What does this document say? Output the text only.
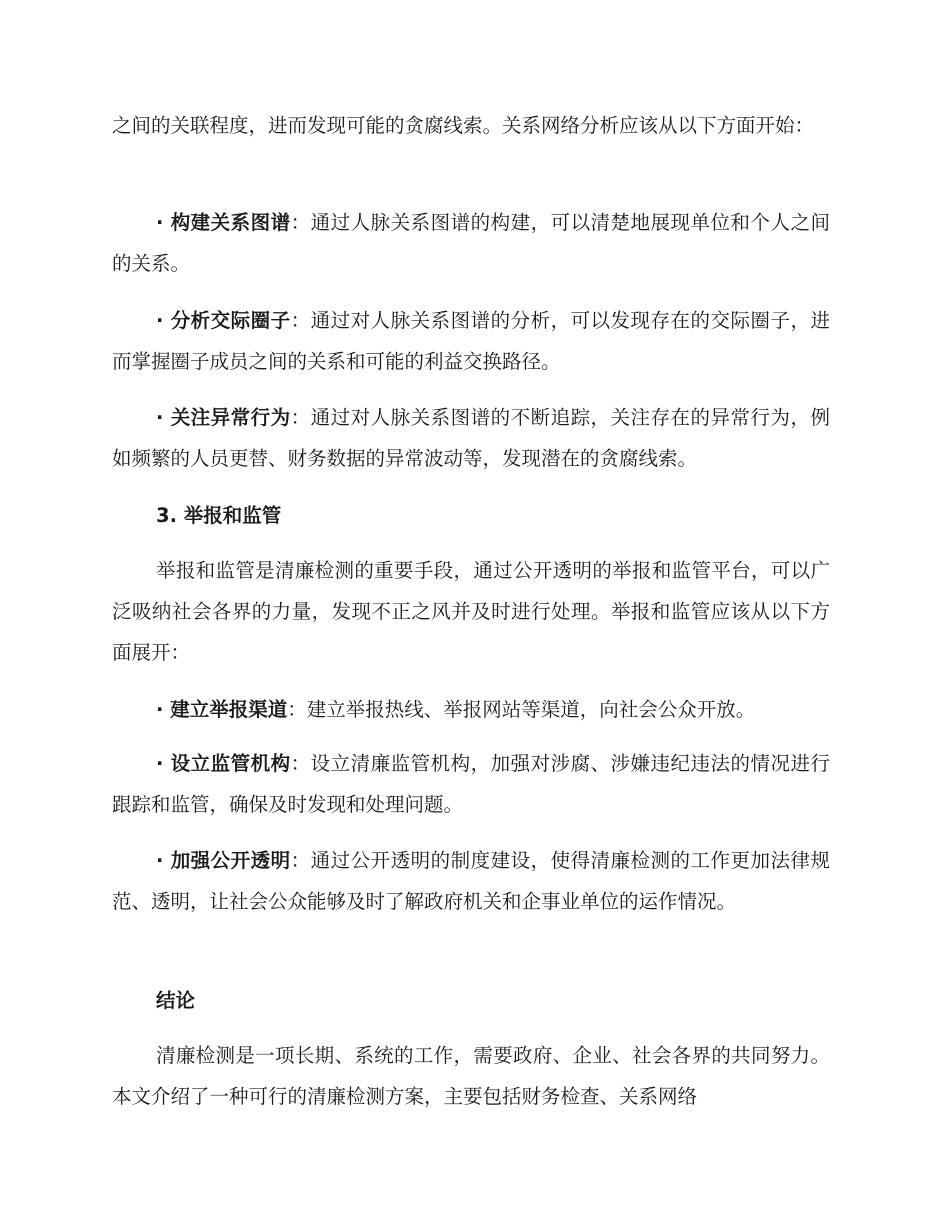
之间的关联程度，进而发现可能的贪腐线索。关系网络分析应该从以下方面开始：

· 构建关系图谱：通过人脉关系图谱的构建，可以清楚地展现单位和个人之间的关系。

· 分析交际圈子：通过对人脉关系图谱的分析，可以发现存在的交际圈子，进而掌握圈子成员之间的关系和可能的利益交换路径。

· 关注异常行为：通过对人脉关系图谱的不断追踪，关注存在的异常行为，例如频繁的人员更替、财务数据的异常波动等，发现潜在的贪腐线索。

3. 举报和监管

举报和监管是清廉检测的重要手段，通过公开透明的举报和监管平台，可以广泛吸纳社会各界的力量，发现不正之风并及时进行处理。举报和监管应该从以下方面展开：

· 建立举报渠道：建立举报热线、举报网站等渠道，向社会公众开放。

· 设立监管机构：设立清廉监管机构，加强对涉腐、涉嫌违纪违法的情况进行跟踪和监管，确保及时发现和处理问题。

· 加强公开透明：通过公开透明的制度建设，使得清廉检测的工作更加法律规范、透明，让社会公众能够及时了解政府机关和企事业单位的运作情况。

结论

清廉检测是一项长期、系统的工作，需要政府、企业、社会各界的共同努力。本文介绍了一种可行的清廉检测方案，主要包括财务检查、关系网络
